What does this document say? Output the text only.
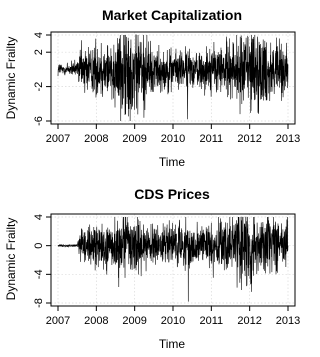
Market Capitalization
Dynamic Frailty
Time
-6
-2
2
4
2007 2008 2009 2010 2011 2012 2013
CDS Prices
Dynamic Frailty
Time
-8
-4
0
4
2007 2008 2009 2010 2011 2012 2013
